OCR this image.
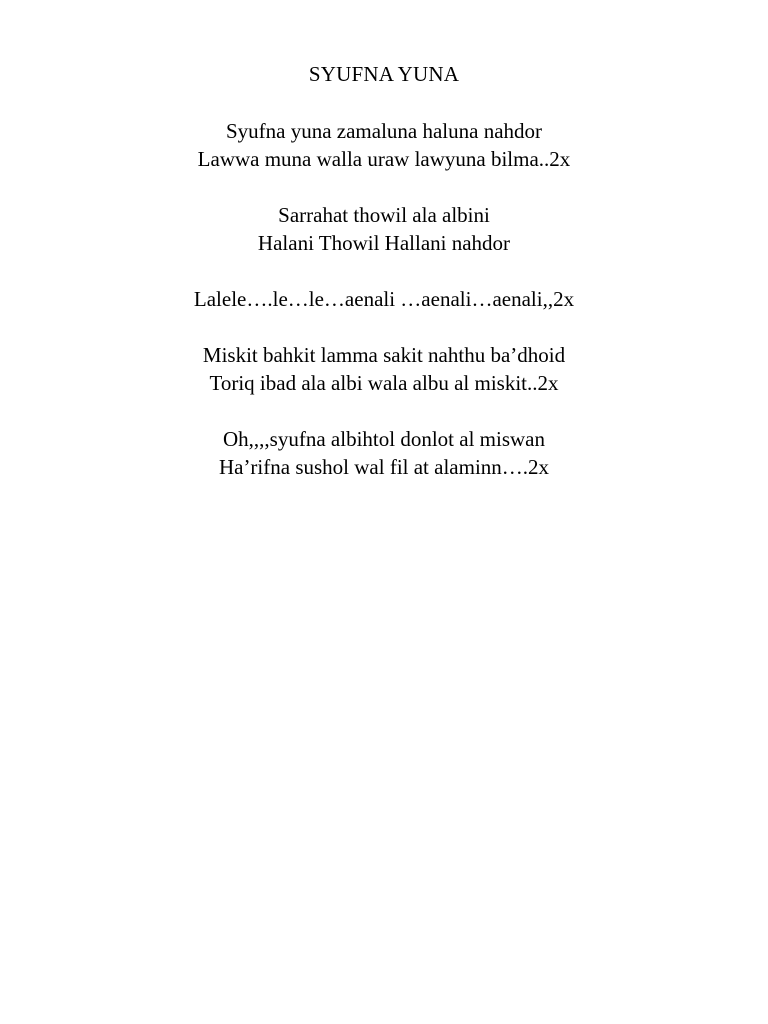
SYUFNA YUNA
Syufna yuna zamaluna haluna nahdor
Lawwa muna walla uraw lawyuna bilma..2x
Sarrahat thowil ala albini
Halani Thowil Hallani nahdor
Lalele….le…le…aenali …aenali…aenali,,2x
Miskit bahkit lamma sakit nahthu ba’dhoid
Toriq ibad ala albi wala albu al miskit..2x
Oh,,,,syufna albihtol donlot al miswan
Ha’rifna sushol wal fil at alaminn….2x
